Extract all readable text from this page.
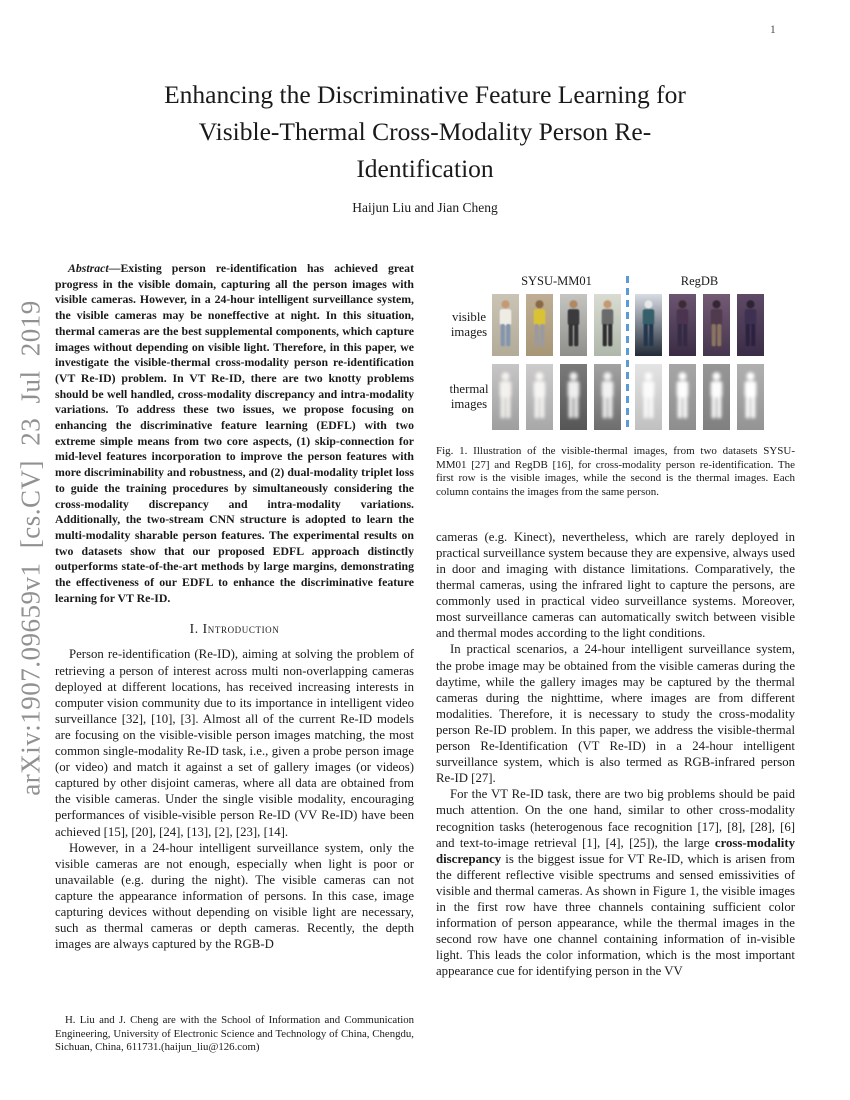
1
arXiv:1907.09659v1 [cs.CV] 23 Jul 2019
Enhancing the Discriminative Feature Learning for Visible-Thermal Cross-Modality Person Re-Identification
Haijun Liu and Jian Cheng

Abstract—Existing person re-identification has achieved great progress in the visible domain, capturing all the person images with visible cameras. However, in a 24-hour intelligent surveillance system, the visible cameras may be noneffective at night. In this situation, thermal cameras are the best supplemental components, which capture images without depending on visible light. Therefore, in this paper, we investigate the visible-thermal cross-modality person re-identification (VT Re-ID) problem. In VT Re-ID, there are two knotty problems should be well handled, cross-modality discrepancy and intra-modality variations. To address these two issues, we propose focusing on enhancing the discriminative feature learning (EDFL) with two extreme simple means from two core aspects, (1) skip-connection for mid-level features incorporation to improve the person features with more discriminability and robustness, and (2) dual-modality triplet loss to guide the training procedures by simultaneously considering the cross-modality discrepancy and intra-modality variations. Additionally, the two-stream CNN structure is adopted to learn the multi-modality sharable person features. The experimental results on two datasets show that our proposed EDFL approach distinctly outperforms state-of-the-art methods by large margins, demonstrating the effectiveness of our EDFL to enhance the discriminative feature learning for VT Re-ID.

I. Introduction

Person re-identification (Re-ID), aiming at solving the problem of retrieving a person of interest across multi non-overlapping cameras deployed at different locations, has received increasing interests in computer vision community due to its importance in intelligent video surveillance [32], [10], [3]. Almost all of the current Re-ID models are focusing on the visible-visible person images matching, the most common single-modality Re-ID task, i.e., given a probe person image (or video) and match it against a set of gallery images (or videos) captured by other disjoint cameras, where all data are obtained from the visible cameras. Under the single visible modality, encouraging performances of visible-visible person Re-ID (VV Re-ID) have been achieved [15], [20], [24], [13], [2], [23], [14].

However, in a 24-hour intelligent surveillance system, only the visible cameras are not enough, especially when light is poor or unavailable (e.g. during the night). The visible cameras can not capture the appearance information of persons. In this case, image capturing devices without depending on visible light are necessary, such as thermal cameras or depth cameras. Recently, the depth images are always captured by the RGB-D

H. Liu and J. Cheng are with the School of Information and Communication Engineering, University of Electronic Science and Technology of China, Chengdu, Sichuan, China, 611731.(haijun_liu@126.com)
SYSU-MM01	RegDB
visible images
thermal images

Fig. 1. Illustration of the visible-thermal images, from two datasets SYSU-MM01 [27] and RegDB [16], for cross-modality person re-identification. The first row is the visible images, while the second is the thermal images. Each column contains the images from the same person.

cameras (e.g. Kinect), nevertheless, which are rarely deployed in practical surveillance system because they are expensive, always used in door and imaging with distance limitations. Comparatively, the thermal cameras, using the infrared light to capture the persons, are commonly used in practical video surveillance systems. Moreover, most surveillance cameras can automatically switch between visible and thermal modes according to the light conditions.

In practical scenarios, a 24-hour intelligent surveillance system, the probe image may be obtained from the visible cameras during the daytime, while the gallery images may be captured by the thermal cameras during the nighttime, where images are from different modalities. Therefore, it is necessary to study the cross-modality person Re-ID problem. In this paper, we address the visible-thermal person Re-Identification (VT Re-ID) in a 24-hour intelligent surveillance system, which is also termed as RGB-infrared person Re-ID [27].

For the VT Re-ID task, there are two big problems should be paid much attention. On the one hand, similar to other cross-modality recognition tasks (heterogenous face recognition [17], [8], [28], [6] and text-to-image retrieval [1], [4], [25]), the large cross-modality discrepancy is the biggest issue for VT Re-ID, which is arisen from the different reflective visible spectrums and sensed emissivities of visible and thermal cameras. As shown in Figure 1, the visible images in the first row have three channels containing sufficient color information of person appearance, while the thermal images in the second row have one channel containing information of in-visible light. This leads the color information, which is the most important appearance cue for identifying person in the VV
